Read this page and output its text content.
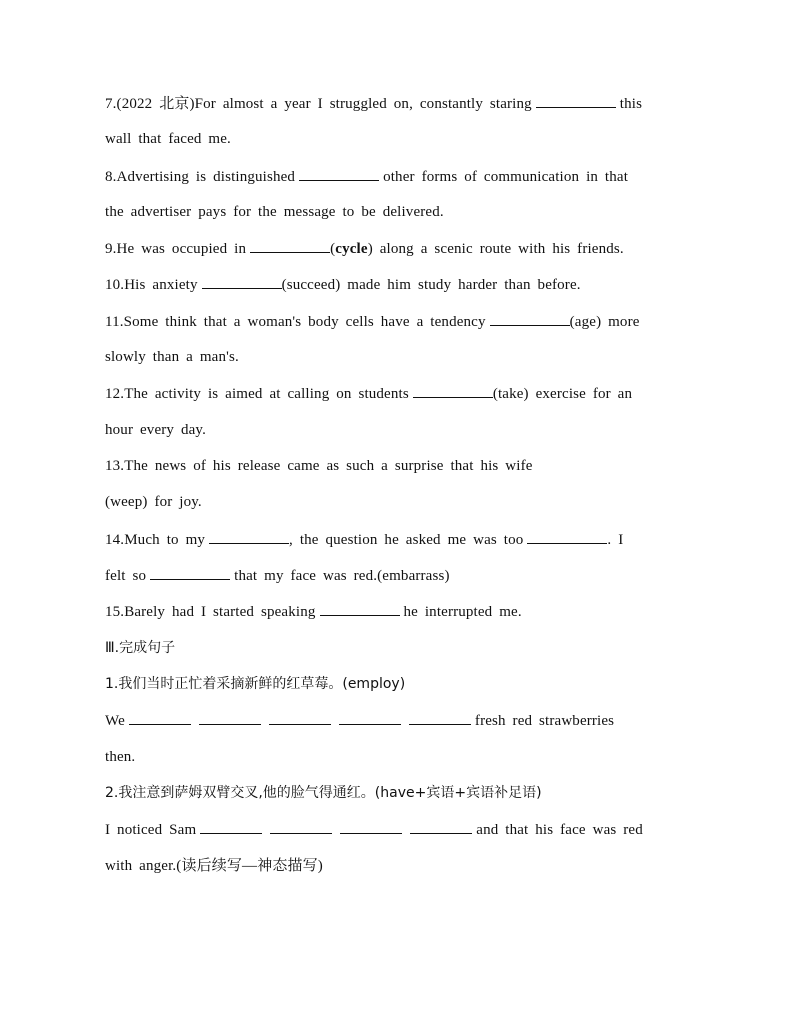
7.(2022 北京)For almost a year I struggled on, constantly staring	this
wall that faced me.
8.Advertising is distinguished	other forms of communication in that
the advertiser pays for the message to be delivered.
9.He was occupied in	(cycle) along a scenic route with his friends.
10.His anxiety	(succeed) made him study harder than before.
11.Some think that a woman's body cells have a tendency	(age) more
slowly than a man's.
12.The activity is aimed at calling on students	(take) exercise for an
hour every day.
13.The news of his release came as such a surprise that his wife
(weep) for joy.
14.Much to my	, the question he asked me was too	. I
felt so	that my face was red.(embarrass)
15.Barely had I started speaking	he interrupted me.
Ⅲ.完成句子
1.我们当时正忙着采摘新鲜的红草莓。(employ)
We	fresh red strawberries
then.
2.我注意到萨姆双臂交叉,他的脸气得通红。(have+宾语+宾语补足语)
I noticed Sam	and that his face was red
with anger.(读后续写—神态描写)
